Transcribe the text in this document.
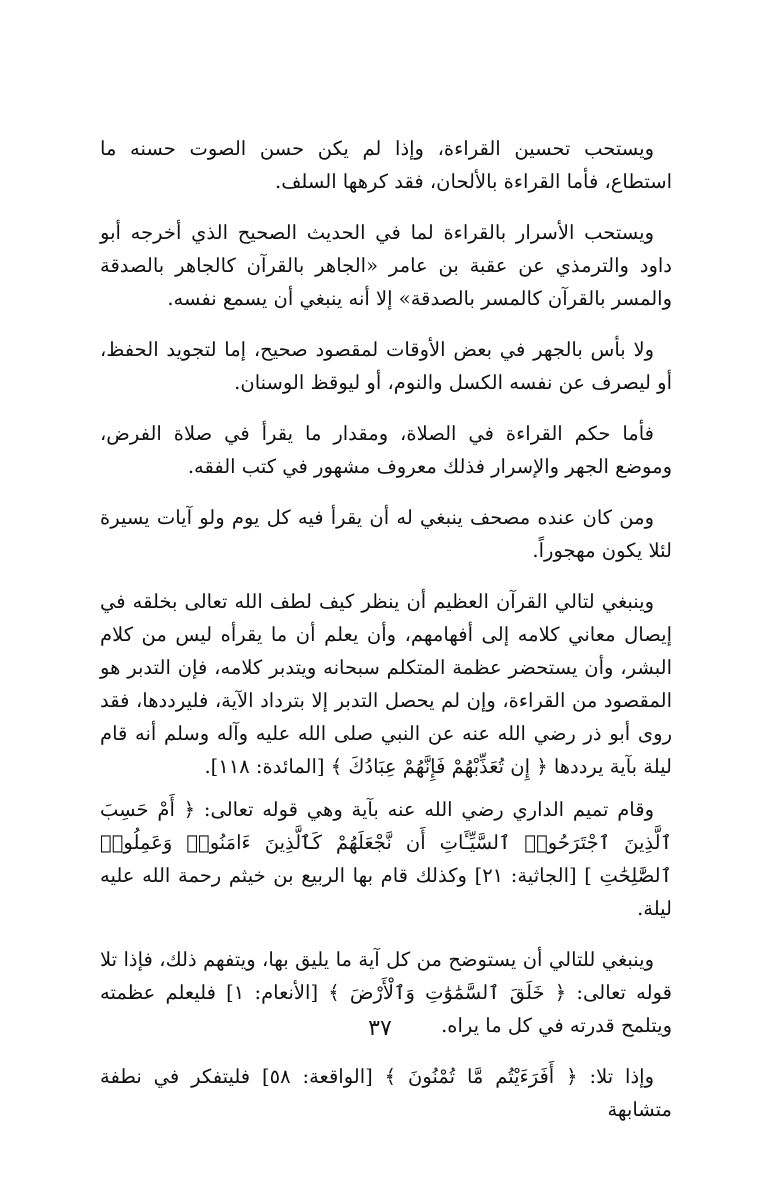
ويستحب تحسين القراءة، وإذا لم يكن حسن الصوت حسنه ما استطاع، فأما القراءة بالألحان، فقد كرهها السلف.

ويستحب الأسرار بالقراءة لما في الحديث الصحيح الذي أخرجه أبو داود والترمذي عن عقبة بن عامر «الجاهر بالقرآن كالجاهر بالصدقة والمسر بالقرآن كالمسر بالصدقة» إلا أنه ينبغي أن يسمع نفسه.

ولا بأس بالجهر في بعض الأوقات لمقصود صحيح، إما لتجويد الحفظ، أو ليصرف عن نفسه الكسل والنوم، أو ليوقظ الوسنان.

فأما حكم القراءة في الصلاة، ومقدار ما يقرأ في صلاة الفرض، وموضع الجهر والإسرار فذلك معروف مشهور في كتب الفقه.

ومن كان عنده مصحف ينبغي له أن يقرأ فيه كل يوم ولو آيات يسيرة لئلا يكون مهجوراً.

وينبغي لتالي القرآن العظيم أن ينظر كيف لطف الله تعالى بخلقه في إيصال معاني كلامه إلى أفهامهم، وأن يعلم أن ما يقرأه ليس من كلام البشر، وأن يستحضر عظمة المتكلم سبحانه ويتدبر كلامه، فإن التدبر هو المقصود من القراءة، وإن لم يحصل التدبر إلا بترداد الآية، فليرددها، فقد روى أبو ذر رضي الله عنه عن النبي صلى الله عليه وآله وسلم أنه قام ليلة بآية يرددها ﴿ إِن تُعَذِّبْهُمْ فَإِنَّهُمْ عِبَادُكَ ﴾ [المائدة: ١١٨].

وقام تميم الداري رضي الله عنه بآية وهي قوله تعالى: ﴿ أَمْ حَسِبَ ٱلَّذِينَ ٱجْتَرَحُوا۟ ٱلسَّيِّـَٔاتِ أَن نَّجْعَلَهُمْ كَٱلَّذِينَ ءَامَنُوا۟ وَعَمِلُوا۟ ٱلصَّٰلِحَٰتِ ] [الجاثية: ٢١] وكذلك قام بها الربيع بن خيثم رحمة الله عليه ليلة.

وينبغي للتالي أن يستوضح من كل آية ما يليق بها، ويتفهم ذلك، فإذا تلا قوله تعالى: ﴿ خَلَقَ ٱلسَّمَٰوَٰتِ وَٱلْأَرْضَ ﴾ [الأنعام: ١] فليعلم عظمته ويتلمح قدرته في كل ما يراه.

وإذا تلا: ﴿ أَفَرَءَيْتُم مَّا تُمْنُونَ ﴾ [الواقعة: ٥٨] فليتفكر في نطفة متشابهة

٣٧
